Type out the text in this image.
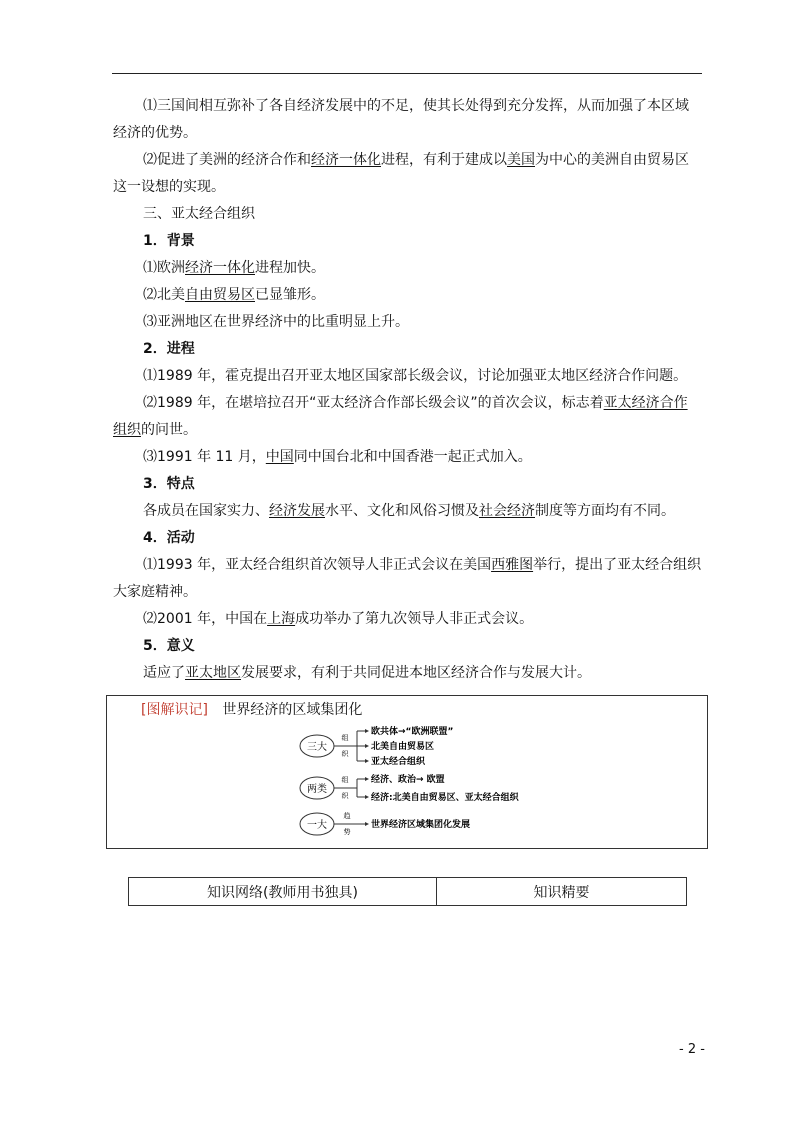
⑴三国间相互弥补了各自经济发展中的不足，使其长处得到充分发挥，从而加强了本区域
经济的优势。
⑵促进了美洲的经济合作和经济一体化进程，有利于建成以美国为中心的美洲自由贸易区
这一设想的实现。
三、亚太经合组织
1．背景
⑴欧洲经济一体化进程加快。
⑵北美自由贸易区已显雏形。
⑶亚洲地区在世界经济中的比重明显上升。
2．进程
⑴1989 年，霍克提出召开亚太地区国家部长级会议，讨论加强亚太地区经济合作问题。
⑵1989 年，在堪培拉召开“亚太经济合作部长级会议”的首次会议，标志着亚太经济合作
组织的问世。
⑶1991 年 11 月，中国同中国台北和中国香港一起正式加入。
3．特点
各成员在国家实力、经济发展水平、文化和风俗习惯及社会经济制度等方面均有不同。
4．活动
⑴1993 年，亚太经合组织首次领导人非正式会议在美国西雅图举行，提出了亚太经合组织
大家庭精神。
⑵2001 年，中国在上海成功举办了第九次领导人非正式会议。
5．意义
适应了亚太地区发展要求，有利于共同促进本地区经济合作与发展大计。
[图解识记] 世界经济的区域集团化
三大
组
织
欧共体→“欧洲联盟”
北美自由贸易区
亚太经合组织
两类
组
织
经济、政治→ 欧盟
经济:北美自由贸易区、亚太经合组织
一大
趋
势
世界经济区域集团化发展
知识网络(教师用书独具)	知识精要
- 2 -
